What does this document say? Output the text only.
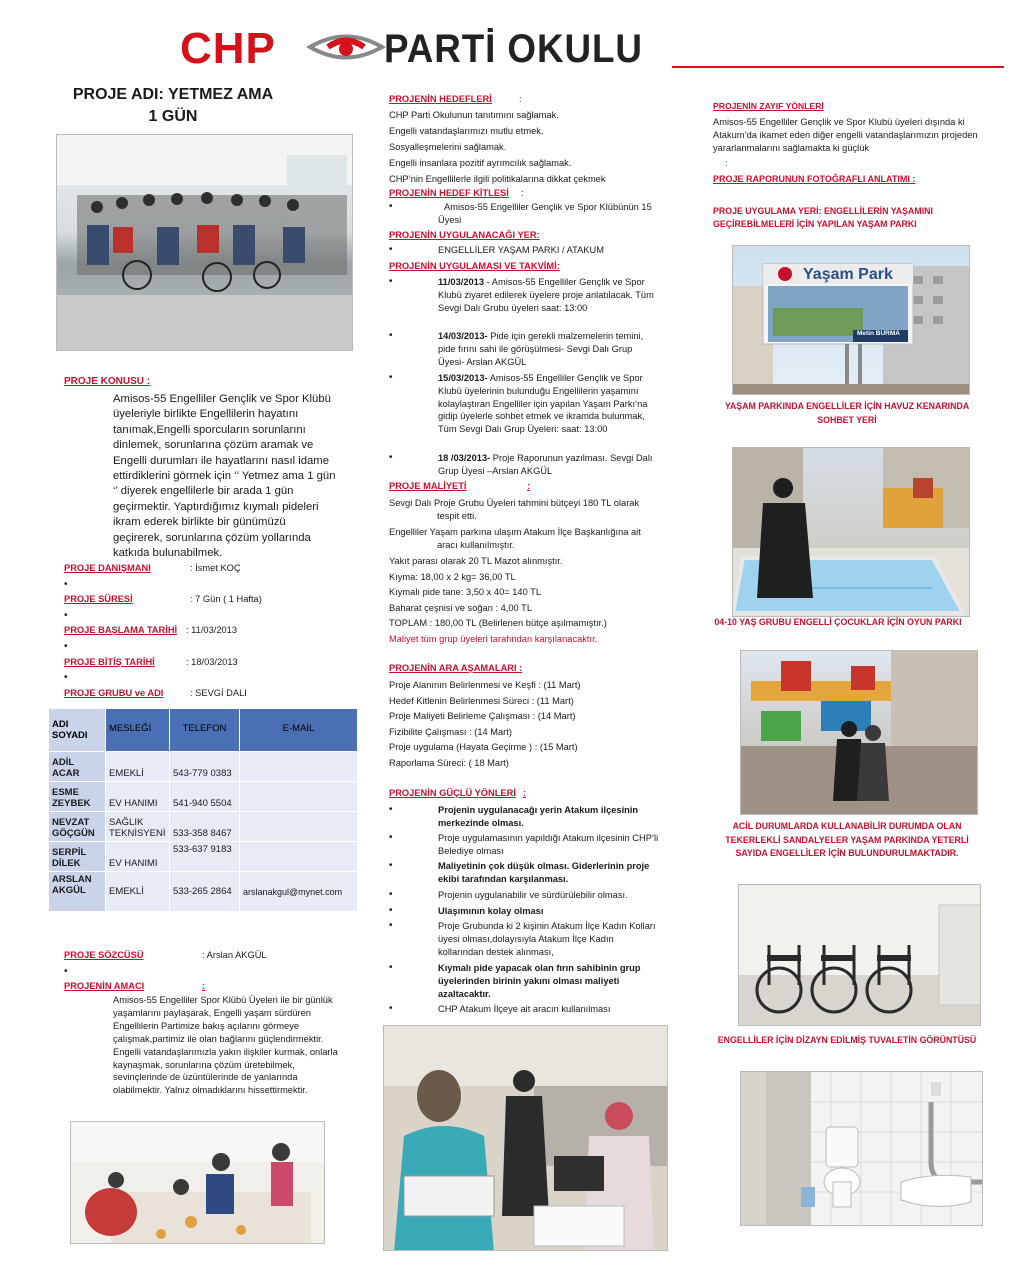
CHP	PARTİ OKULU
PROJE ADI: YETMEZ AMA
1 GÜN
PROJE KONUSU :
Amisos-55 Engelliler Gençlik ve Spor Klübü üyeleriyle birlikte Engellilerin hayatını tanımak,Engelli sporcuların sorunlarını dinlemek, sorunlarına çözüm aramak ve Engelli durumları ile hayatlarını nasıl idame ettirdiklerini görmek için ‘’ Yetmez ama 1 gün ‘’ diyerek engellilerle bir arada 1 gün geçirmektir. Yaptırdığımız kıymalı pideleri ikram ederek birlikte bir günümüzü geçirerek, sorunlarına çözüm yollarında katkıda bulunabilmek.
PROJE DANIŞMANI	: İsmet KOÇ
•
PROJE SÜRESİ	: 7 Gün ( 1 Hafta)
•
PROJE BAŞLAMA TARİHİ : 11/03/2013
•
PROJE BİTİŞ TARİHİ	: 18/03/2013
•
PROJE GRUBU ve ADI	: SEVGİ DALI
ADI SOYADI	MESLEĞİ	TELEFON	E-MAİL
ADİL ACAR	EMEKLİ	543-779 0383	
ESME ZEYBEK	EV HANIMI	541-940 5504	
NEVZAT GÖÇGÜN	SAĞLIK TEKNİSYENİ	533-358 8467	
SERPİL DİLEK	EV HANIMI	533-637 9183	
ARSLAN AKGÜL	EMEKLİ	533-265 2864	arslanakgul@mynet.com
PROJE SÖZCÜSÜ	: Arslan AKGÜL
•
PROJENİN AMACI	:
Amisos-55 Engelliler Spor Klübü Üyeleri ile bir günlük yaşamlarını paylaşarak, Engelli yaşam sürdüren Engellilerin Partimize bakış açılarını görmeye çalışmak,partimiz ile olan bağlarını güçlendirmektir. Engelli vatandaşlarımızla yakın ilişkiler kurmak, onlarla kaynaşmak, sorunlarına çözüm üretebilmek, sevinçlerinde de üzüntülerinde de yanlarında olabilmektir. Yalnız olmadıklarını hissettirmektir.
PROJENİN HEDEFLERİ	:
CHP Parti Okulunun tanıtımını sağlamak.
Engelli vatandaşlarımızı mutlu etmek.
Sosyalleşmelerini sağlamak.
Engelli insanlara pozitif ayrımcılık sağlamak.
CHP’nin Engellilerle ilgili politikalarına dikkat çekmek
PROJENİN HEDEF KİTLESİ :
•	Amisos-55 Engelliler Gençlik ve Spor Klübünün 15 Üyesi
PROJENİN UYGULANACAĞI YER:
•	ENGELLİLER YAŞAM PARKI / ATAKUM
PROJENİN UYGULAMASI VE TAKVİMİ:
•	11/03/2013 - Amisos-55 Engelliler Gençlik ve Spor Klubü ziyaret edilerek üyelere proje anlatılacak. Tüm Sevgi Dalı Grubu üyeleri saat: 13:00
•	14/03/2013- Pide için gerekli malzemelerin temini, pide fırını sahi ile görüşülmesi- Sevgi Dalı Grup Üyesi- Arslan AKGÜL
•	15/03/2013- Amisos-55 Engelliler Gençlik ve Spor Klubü üyelerinin bulunduğu Engellilerin yaşamını kolaylaştıran Engelliler için yapılan Yaşam Parkı’na gidip üyelerle sohbet etmek ve ikramda bulunmak, Tüm Sevgi Dalı Grup Üyeleri: saat: 13:00
•	18 /03/2013- Proje Raporunun yazılması. Sevgi Dalı Grup Üyesi –Arslan AKGÜL
PROJE MALİYETİ	:
Sevgi Dalı Proje Grubu Üyeleri tahmini bütçeyi 180 TL olarak tespit etti.
Engelliler Yaşam parkına ulaşım Atakum İlçe Başkanlığına ait aracı kullanılmıştır.
Yakıt parası olarak 20 TL Mazot alınmıştır.
Kıyma: 18,00 x 2 kg= 36,00 TL
Kıymalı pide tane: 3,50 x 40= 140 TL
Baharat çeşnisi ve soğan : 4,00 TL
TOPLAM : 180,00 TL (Belirlenen bütçe aşılmamıştır.)
Maliyet tüm grup üyeleri tarafından karşılanacaktır.
PROJENİN ARA AŞAMALARI :
Proje Alanının Belirlenmesi ve Keşfi : (11 Mart)
Hedef Kitlenin Belirlenmesi Süreci : (11 Mart)
Proje Maliyeti Belirleme Çalışması : (14 Mart)
Fizibilite Çalışması : (14 Mart)
Proje uygulama (Hayata Geçirme ) : (15 Mart)
Raporlama Süreci: ( 18 Mart)
PROJENİN GÜÇLÜ YÖNLERİ :
•	Projenin uygulanacağı yerin Atakum ilçesinin merkezinde olması.
•	Proje uygulamasının yapıldığı Atakum ilçesinin CHP’li Belediye olması
•	Maliyetinin çok düşük olması. Giderlerinin proje ekibi tarafından karşılanması.
•	Projenin uygulanabilir ve sürdürülebilir olması.
•	Ulaşımının kolay olması
•	Proje Grubunda ki 2 kişinin Atakum İlçe Kadın Kolları üyesi olması,dolayısıyla Atakum İlçe Kadın kollarından destek alınması,
•	Kıymalı pide yapacak olan fırın sahibinin grup üyelerinden birinin yakını olması maliyeti azaltacaktır.
•	CHP Atakum İlçeye ait aracın kullanılması
PROJENİN ZAYIF YÖNLERİ
Amisos-55 Engelliler Gençlik ve Spor Klubü üyeleri dışında ki Atakum’da ikamet eden diğer engelli vatandaşlarımızın projeden yararlanmalarını sağlamakta ki güçlük
:
PROJE RAPORUNUN FOTOĞRAFLI ANLATIMI :
PROJE UYGULAMA YERİ: ENGELLİLERİN YAŞAMINI GEÇİREBİLMELERİ İÇİN YAPILAN YAŞAM PARKI
Yaşam Park
Metin BURMA
YAŞAM PARKINDA ENGELLİLER İÇİN HAVUZ KENARINDA SOHBET YERİ
04-10 YAŞ GRUBU ENGELLİ ÇOCUKLAR İÇİN OYUN PARKI
ACİL DURUMLARDA KULLANABİLİR DURUMDA OLAN TEKERLEKLİ SANDALYELER YAŞAM PARKINDA YETERLİ SAYIDA ENGELLİLER İÇİN BULUNDURULMAKTADIR.
ENGELLİLER İÇİN DİZAYN EDİLMİŞ TUVALETİN GÖRÜNTÜSÜ
